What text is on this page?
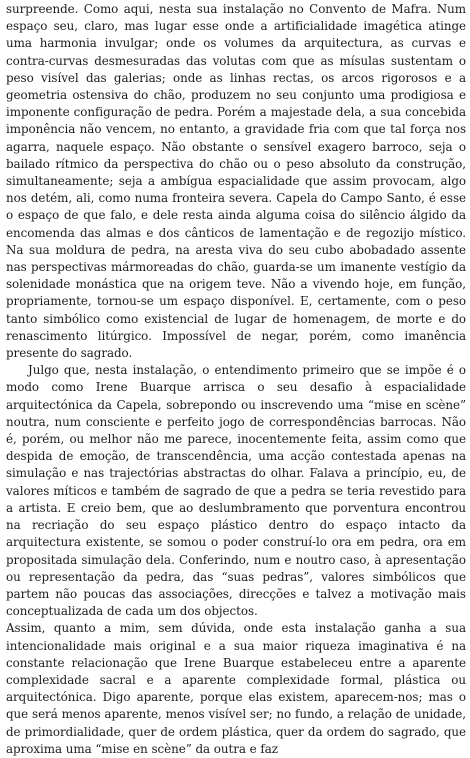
surpreende. Como aqui, nesta sua instalação no Convento de Mafra. Num espaço seu, claro, mas lugar esse onde a artificialidade imagética atinge uma harmonia invulgar; onde os volumes da arquitectura, as curvas e contra-curvas desmesuradas das volutas com que as mísulas sustentam o peso visível das galerias; onde as linhas rectas, os arcos rigorosos e a geometria ostensiva do chão, produzem no seu conjunto uma prodigiosa e imponente configuração de pedra. Porém a majestade dela, a sua concebida imponência não vencem, no entanto, a gravidade fria com que tal força nos agarra, naquele espaço. Não obstante o sensível exagero barroco, seja o bailado rítmico da perspectiva do chão ou o peso absoluto da construção, simultaneamente; seja a ambígua espacialidade que assim provocam, algo nos detém, ali, como numa fronteira severa. Capela do Campo Santo, é esse o espaço de que falo, e dele resta ainda alguma coisa do silêncio álgido da encomenda das almas e dos cânticos de lamentação e de regozijo místico. Na sua moldura de pedra, na aresta viva do seu cubo abobadado assente nas perspectivas mármoreadas do chão, guarda-se um imanente vestígio da solenidade monástica que na origem teve. Não a vivendo hoje, em função, propriamente, tornou-se um espaço disponível. E, certamente, com o peso tanto simbólico como existencial de lugar de homenagem, de morte e do renascimento litúrgico. Impossível de negar, porém, como imanência presente do sagrado.

Julgo que, nesta instalação, o entendimento primeiro que se impõe é o modo como Irene Buarque arrisca o seu desafio à espacialidade arquitectónica da Capela, sobrepondo ou inscrevendo uma “mise en scène” noutra, num consciente e perfeito jogo de correspondências barrocas. Não é, porém, ou melhor não me parece, inocentemente feita, assim como que despida de emoção, de transcendência, uma acção contestada apenas na simulação e nas trajectórias abstractas do olhar. Falava a princípio, eu, de valores míticos e também de sagrado de que a pedra se teria revestido para a artista. E creio bem, que ao deslumbramento que porventura encontrou na recriação do seu espaço plástico dentro do espaço intacto da arquitectura existente, se somou o poder construí-lo ora em pedra, ora em propositada simulação dela. Conferindo, num e noutro caso, à apresentação ou representação da pedra, das “suas pedras”, valores simbólicos que partem não poucas das associações, direcções e talvez a motivação mais conceptualizada de cada um dos objectos.

Assim, quanto a mim, sem dúvida, onde esta instalação ganha a sua intencionalidade mais original e a sua maior riqueza imaginativa é na constante relacionação que Irene Buarque estabeleceu entre a aparente complexidade sacral e a aparente complexidade formal, plástica ou arquitectónica. Digo aparente, porque elas existem, aparecem-nos; mas o que será menos aparente, menos visível ser; no fundo, a relação de unidade, de primordialidade, quer de ordem plástica, quer da ordem do sagrado, que aproxima uma “mise en scène” da outra e faz
